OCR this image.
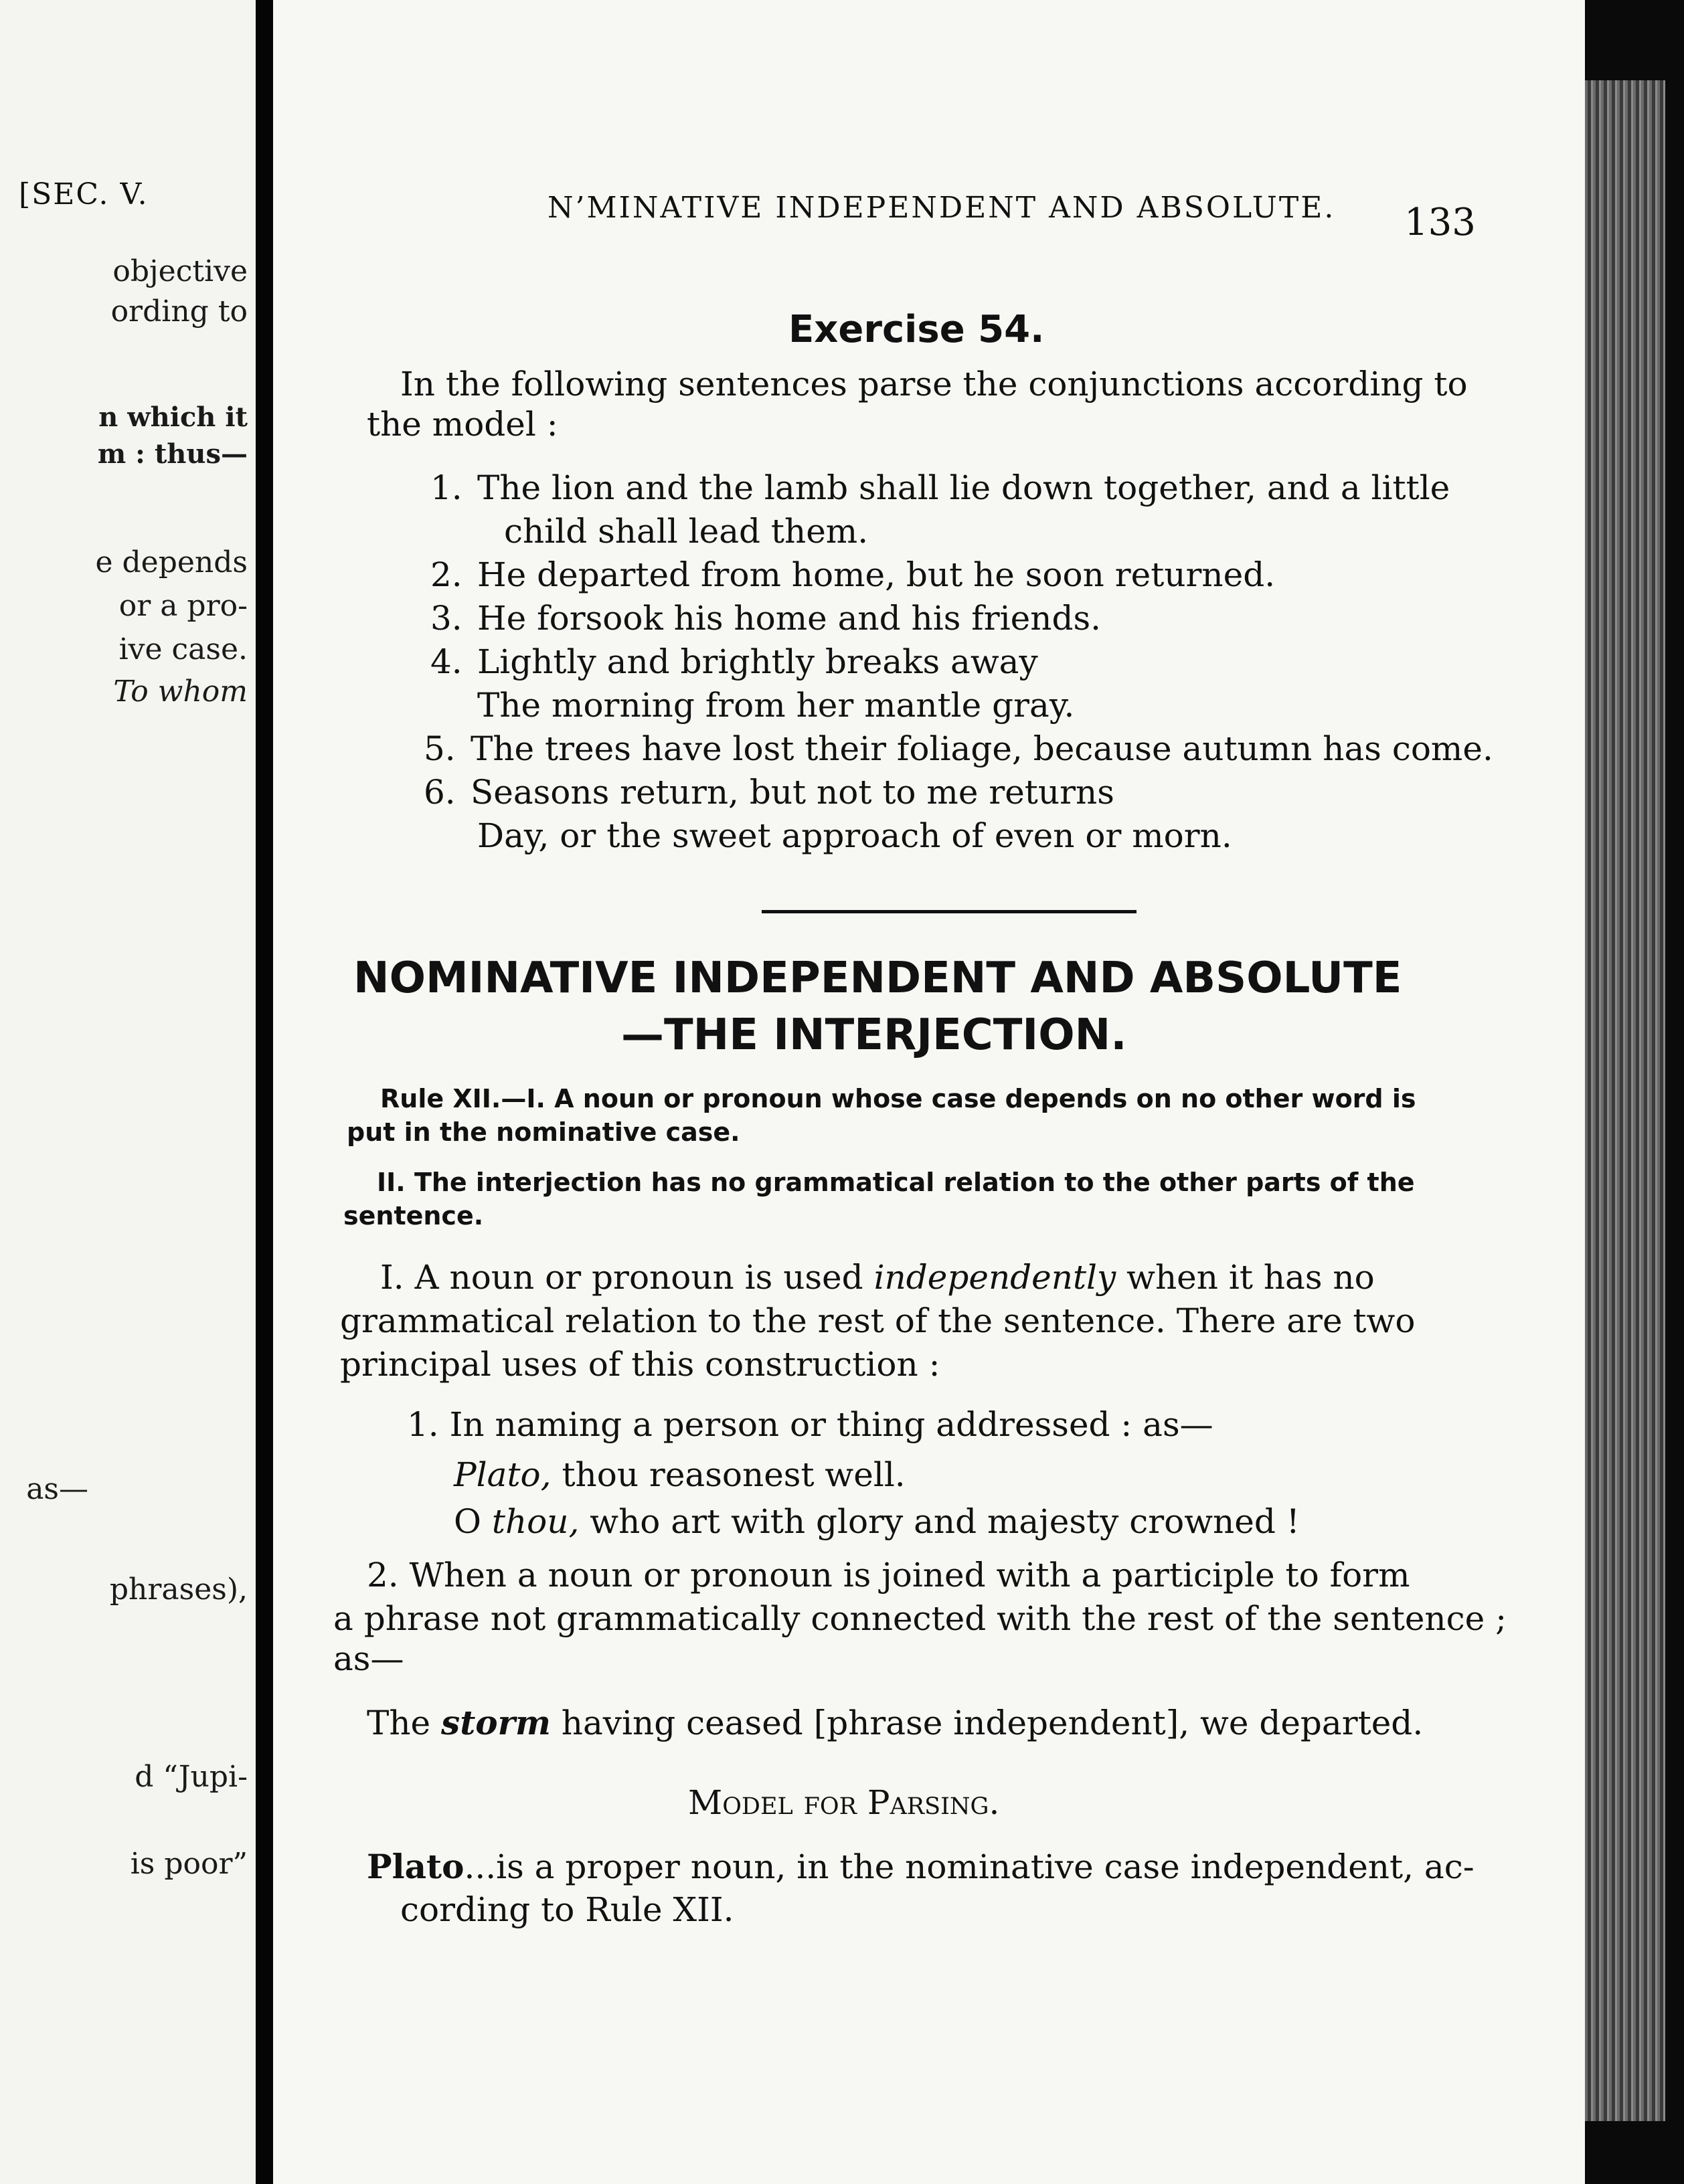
[SEC. V.
objective
ording to
n which it
m : thus—
e depends
or a pro-
ive case.
To whom
as—
phrases),
d “Jupi-
is poor”
N’MINATIVE INDEPENDENT AND ABSOLUTE. 133
Exercise 54.
In the following sentences parse the conjunctions according to
the model :
1. The lion and the lamb shall lie down together, and a little
child shall lead them.
2. He departed from home, but he soon returned.
3. He forsook his home and his friends.
4. Lightly and brightly breaks away
The morning from her mantle gray.
5. The trees have lost their foliage, because autumn has come.
6. Seasons return, but not to me returns
Day, or the sweet approach of even or morn.
NOMINATIVE INDEPENDENT AND ABSOLUTE
—THE INTERJECTION.
Rule XII.—I. A noun or pronoun whose case depends on no other word is
put in the nominative case.
II. The interjection has no grammatical relation to the other parts of the
sentence.
I. A noun or pronoun is used independently when it has no
grammatical relation to the rest of the sentence. There are two
principal uses of this construction :
1. In naming a person or thing addressed : as—
Plato, thou reasonest well.
O thou, who art with glory and majesty crowned !
2. When a noun or pronoun is joined with a participle to form
a phrase not grammatically connected with the rest of the sentence ;
as—
The storm having ceased [phrase independent], we departed.
Model for Parsing.
Plato...is a proper noun, in the nominative case independent, ac-
cording to Rule XII.
